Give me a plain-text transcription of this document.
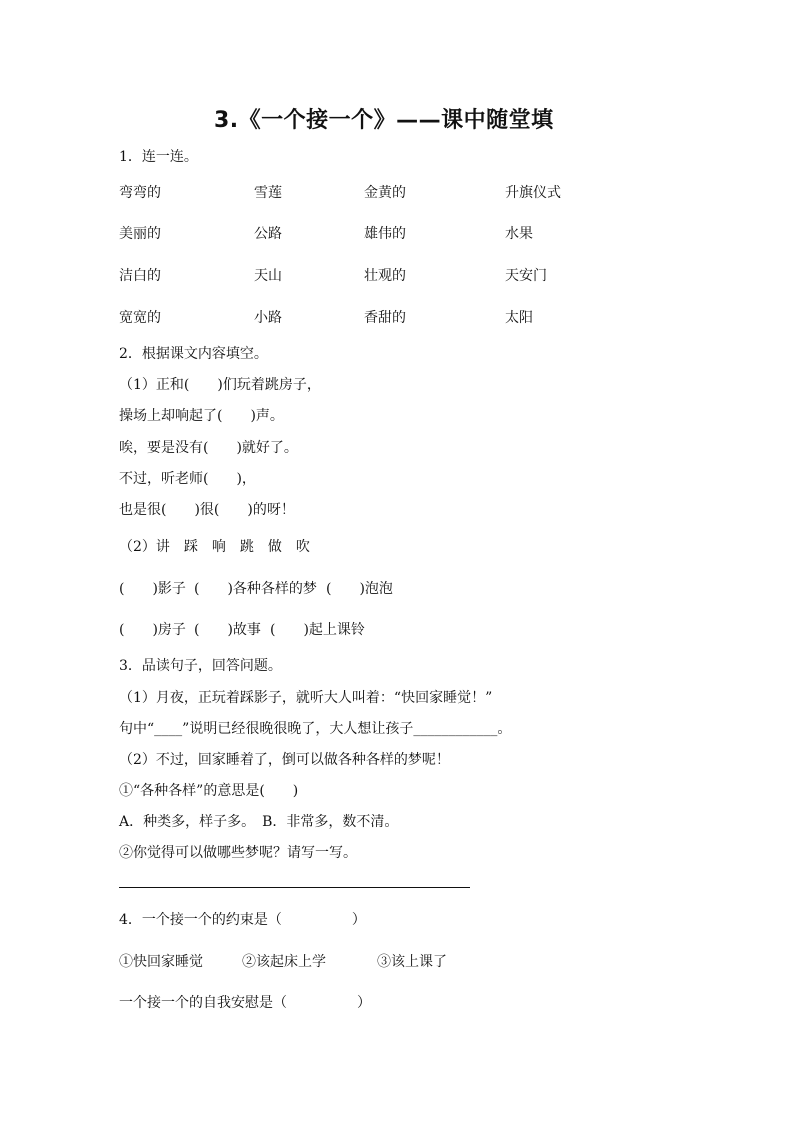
3.《一个接一个》——课中随堂填
1．连一连。
弯弯的	雪莲	金黄的	升旗仪式
美丽的	公路	雄伟的	水果
洁白的	天山	壮观的	天安门
宽宽的	小路	香甜的	太阳
2．根据课文内容填空。
（1）正和(　　)们玩着跳房子，
操场上却响起了(　　)声。
唉，要是没有(　　)就好了。
不过，听老师(　　)，
也是很(　　)很(　　)的呀！
（2）讲　踩　响　跳　做　吹
(　　)影子 (　　)各种各样的梦 (　　)泡泡
(　　)房子 (　　)故事 (　　)起上课铃
3．品读句子，回答问题。
（1）月夜，正玩着踩影子，就听大人叫着：“快回家睡觉！”
句中“____”说明已经很晚很晚了，大人想让孩子____________。
（2）不过，回家睡着了，倒可以做各种各样的梦呢！
①“各种各样”的意思是(　　)
A．种类多，样子多。　B．非常多，数不清。
②你觉得可以做哪些梦呢？请写一写。
4．一个接一个的约束是（　　　　　）
①快回家睡觉	②该起床上学	③该上课了
一个接一个的自我安慰是（　　　　　）
